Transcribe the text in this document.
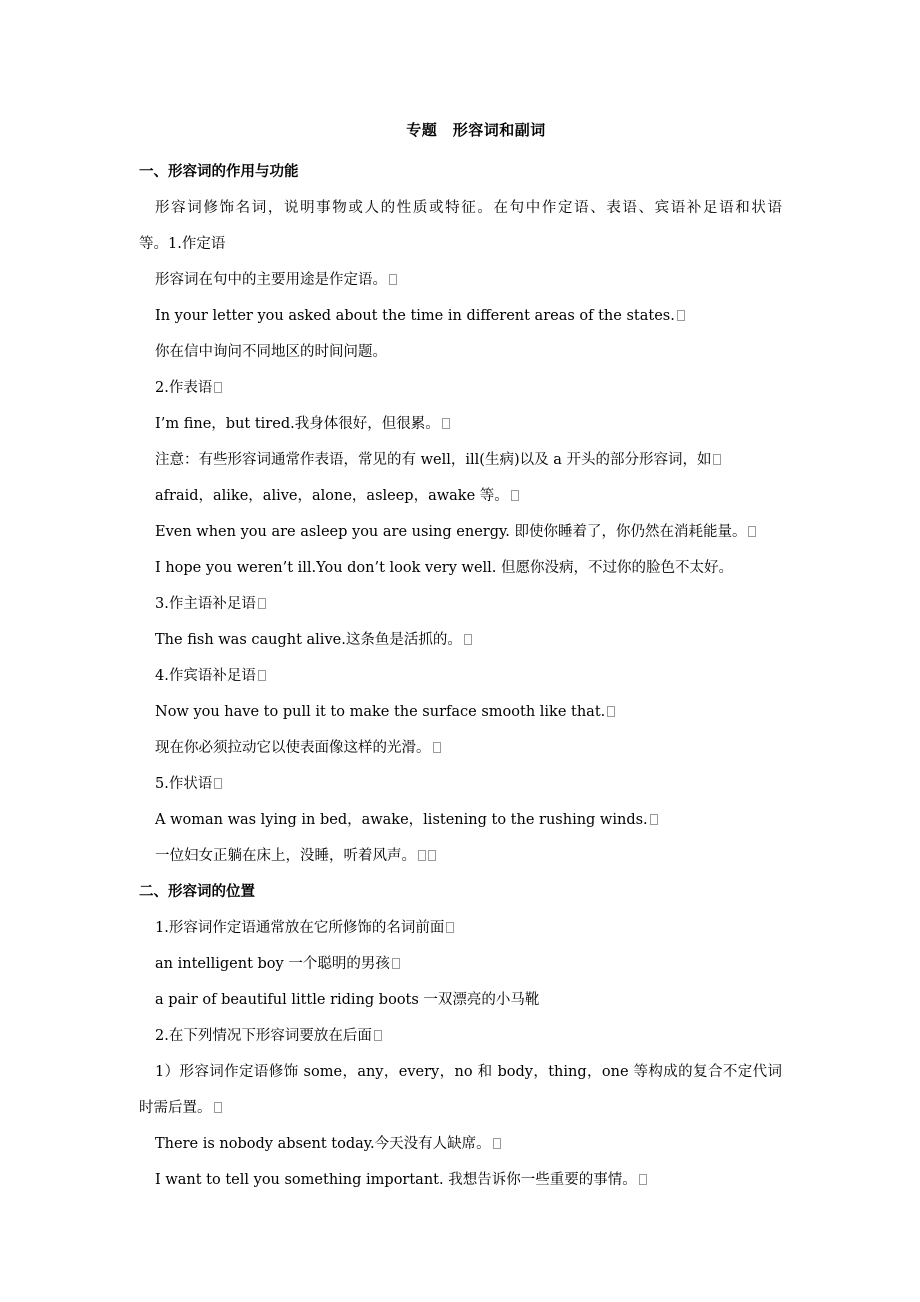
专题　形容词和副词
一、形容词的作用与功能
形容词修饰名词，说明事物或人的性质或特征。在句中作定语、表语、宾语补足语和状语
等。1.作定语
形容词在句中的主要用途是作定语。
In your letter you asked about the time in different areas of the states.
你在信中询问不同地区的时间问题。
2.作表语
I’m fine，but tired.我身体很好，但很累。
注意：有些形容词通常作表语，常见的有 well，ill(生病)以及 a 开头的部分形容词，如
afraid，alike，alive，alone，asleep，awake 等。
Even when you are asleep you are using energy. 即使你睡着了，你仍然在消耗能量。
I hope you weren’t ill.You don’t look very well. 但愿你没病，不过你的脸色不太好。
3.作主语补足语
The fish was caught alive.这条鱼是活抓的。
4.作宾语补足语
Now you have to pull it to make the surface smooth like that.
现在你必须拉动它以使表面像这样的光滑。
5.作状语
A woman was lying in bed，awake，listening to the rushing winds.
一位妇女正躺在床上，没睡，听着风声。
二、形容词的位置
1.形容词作定语通常放在它所修饰的名词前面
an intelligent boy 一个聪明的男孩
a pair of beautiful little riding boots 一双漂亮的小马靴
2.在下列情况下形容词要放在后面
1）形容词作定语修饰 some，any，every，no 和 body，thing，one 等构成的复合不定代词
时需后置。
There is nobody absent today.今天没有人缺席。
I want to tell you something important. 我想告诉你一些重要的事情。
